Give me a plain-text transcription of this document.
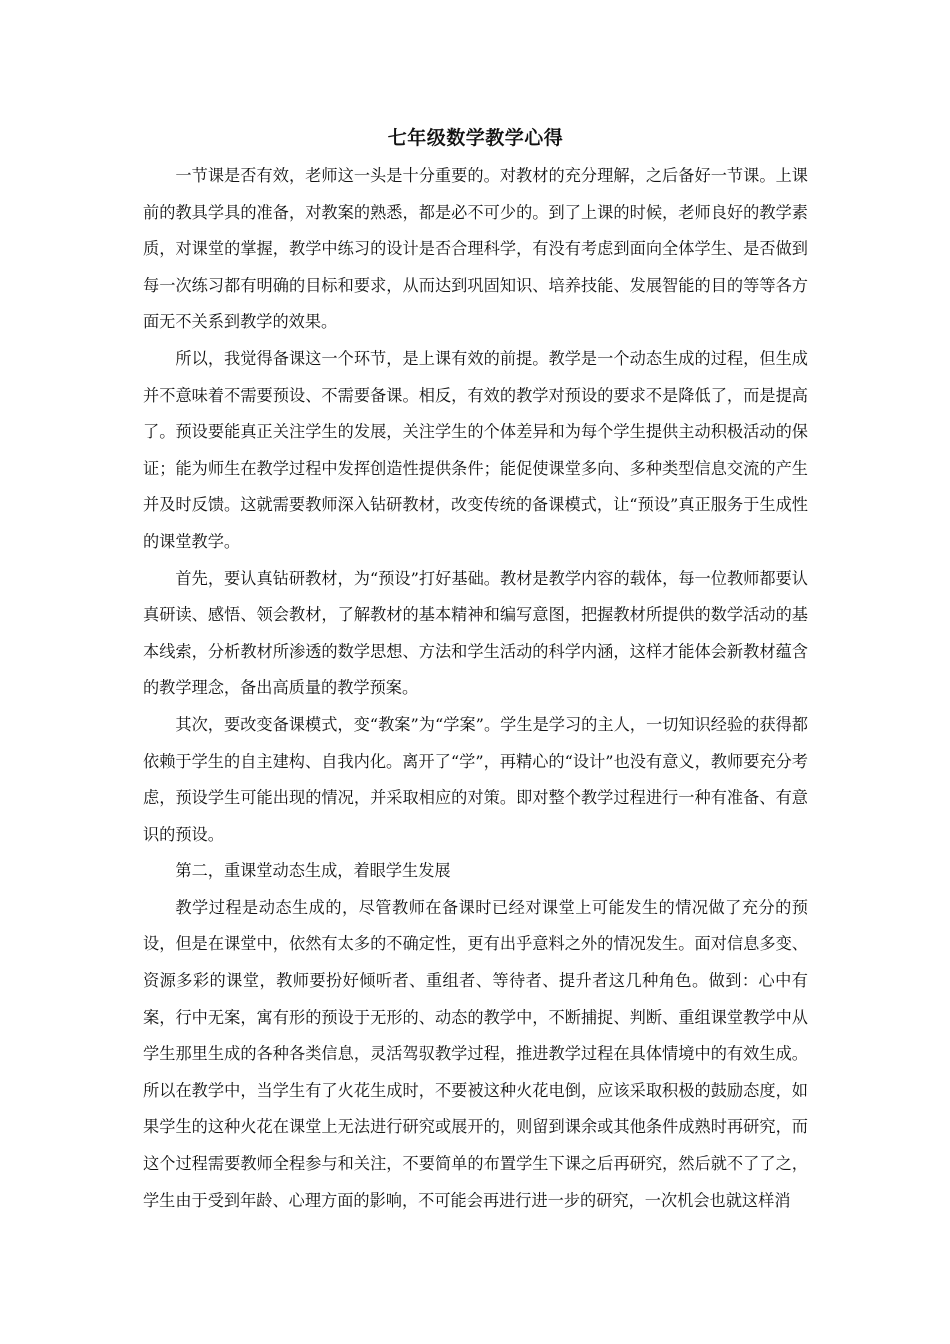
七年级数学教学心得

一节课是否有效，老师这一头是十分重要的。对教材的充分理解，之后备好一节课。上课前的教具学具的准备，对教案的熟悉，都是必不可少的。到了上课的时候，老师良好的教学素质，对课堂的掌握，教学中练习的设计是否合理科学，有没有考虑到面向全体学生、是否做到每一次练习都有明确的目标和要求，从而达到巩固知识、培养技能、发展智能的目的等等各方面无不关系到教学的效果。

所以，我觉得备课这一个环节，是上课有效的前提。教学是一个动态生成的过程，但生成并不意味着不需要预设、不需要备课。相反，有效的教学对预设的要求不是降低了，而是提高了。预设要能真正关注学生的发展，关注学生的个体差异和为每个学生提供主动积极活动的保证；能为师生在教学过程中发挥创造性提供条件；能促使课堂多向、多种类型信息交流的产生并及时反馈。这就需要教师深入钻研教材，改变传统的备课模式，让“预设”真正服务于生成性的课堂教学。

首先，要认真钻研教材，为“预设”打好基础。教材是教学内容的载体，每一位教师都要认真研读、感悟、领会教材，了解教材的基本精神和编写意图，把握教材所提供的数学活动的基本线索，分析教材所渗透的数学思想、方法和学生活动的科学内涵，这样才能体会新教材蕴含的教学理念，备出高质量的教学预案。

其次，要改变备课模式，变“教案”为“学案”。学生是学习的主人，一切知识经验的获得都依赖于学生的自主建构、自我内化。离开了“学”，再精心的“设计”也没有意义，教师要充分考虑，预设学生可能出现的情况，并采取相应的对策。即对整个教学过程进行一种有准备、有意识的预设。

第二，重课堂动态生成，着眼学生发展

教学过程是动态生成的，尽管教师在备课时已经对课堂上可能发生的情况做了充分的预设，但是在课堂中，依然有太多的不确定性，更有出乎意料之外的情况发生。面对信息多变、资源多彩的课堂，教师要扮好倾听者、重组者、等待者、提升者这几种角色。做到：心中有案，行中无案，寓有形的预设于无形的、动态的教学中，不断捕捉、判断、重组课堂教学中从学生那里生成的各种各类信息，灵活驾驭教学过程，推进教学过程在具体情境中的有效生成。所以在教学中，当学生有了火花生成时，不要被这种火花电倒，应该采取积极的鼓励态度，如果学生的这种火花在课堂上无法进行研究或展开的，则留到课余或其他条件成熟时再研究，而这个过程需要教师全程参与和关注，不要简单的布置学生下课之后再研究，然后就不了了之，学生由于受到年龄、心理方面的影响，不可能会再进行进一步的研究，一次机会也就这样消
